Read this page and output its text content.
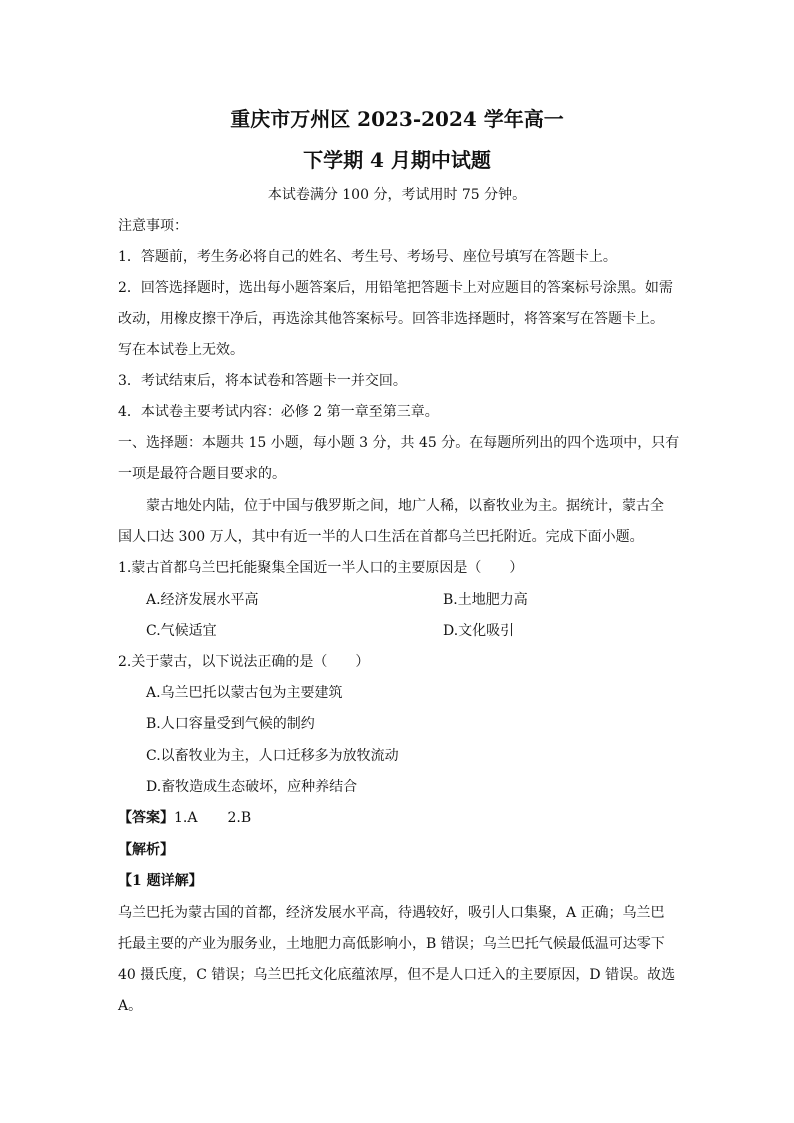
重庆市万州区 2023-2024 学年高一
下学期 4 月期中试题
本试卷满分 100 分，考试用时 75 分钟。
注意事项：
1．答题前，考生务必将自己的姓名、考生号、考场号、座位号填写在答题卡上。
2．回答选择题时，选出每小题答案后，用铅笔把答题卡上对应题目的答案标号涂黑。如需
改动，用橡皮擦干净后，再选涂其他答案标号。回答非选择题时，将答案写在答题卡上。
写在本试卷上无效。
3．考试结束后，将本试卷和答题卡一并交回。
4．本试卷主要考试内容：必修 2 第一章至第三章。
一、选择题：本题共 15 小题，每小题 3 分，共 45 分。在每题所列出的四个选项中，只有
一项是最符合题目要求的。
蒙古地处内陆，位于中国与俄罗斯之间，地广人稀，以畜牧业为主。据统计，蒙古全
国人口达 300 万人，其中有近一半的人口生活在首都乌兰巴托附近。完成下面小题。
1.蒙古首都乌兰巴托能聚集全国近一半人口的主要原因是（　　）
A.经济发展水平高	B.土地肥力高
C.气候适宜	D.文化吸引
2.关于蒙古，以下说法正确的是（　　）
A.乌兰巴托以蒙古包为主要建筑
B.人口容量受到气候的制约
C.以畜牧业为主，人口迁移多为放牧流动
D.畜牧造成生态破坏，应种养结合
【答案】1.A 2.B
【解析】
【1 题详解】
乌兰巴托为蒙古国的首都，经济发展水平高，待遇较好，吸引人口集聚，A 正确；乌兰巴
托最主要的产业为服务业，土地肥力高低影响小，B 错误；乌兰巴托气候最低温可达零下
40 摄氏度，C 错误；乌兰巴托文化底蕴浓厚，但不是人口迁入的主要原因，D 错误。故选
A。
